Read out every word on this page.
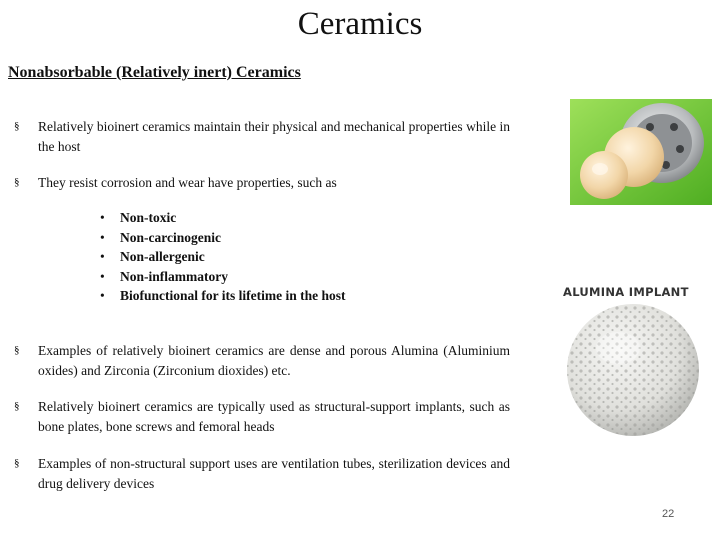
Ceramics
Nonabsorbable (Relatively inert) Ceramics
§ Relatively bioinert ceramics maintain their physical and mechanical properties while in the host
§ They resist corrosion and wear have properties, such as
• Non-toxic
• Non-carcinogenic
• Non-allergenic
• Non-inflammatory
• Biofunctional for its lifetime in the host
§ Examples of relatively bioinert ceramics are dense and porous Alumina (Aluminium oxides) and Zirconia (Zirconium dioxides) etc.
§ Relatively bioinert ceramics are typically used as structural-support implants, such as bone plates, bone screws and femoral heads
§ Examples of non-structural support uses are ventilation tubes, sterilization devices and drug delivery devices
ALUMINA IMPLANT
22
